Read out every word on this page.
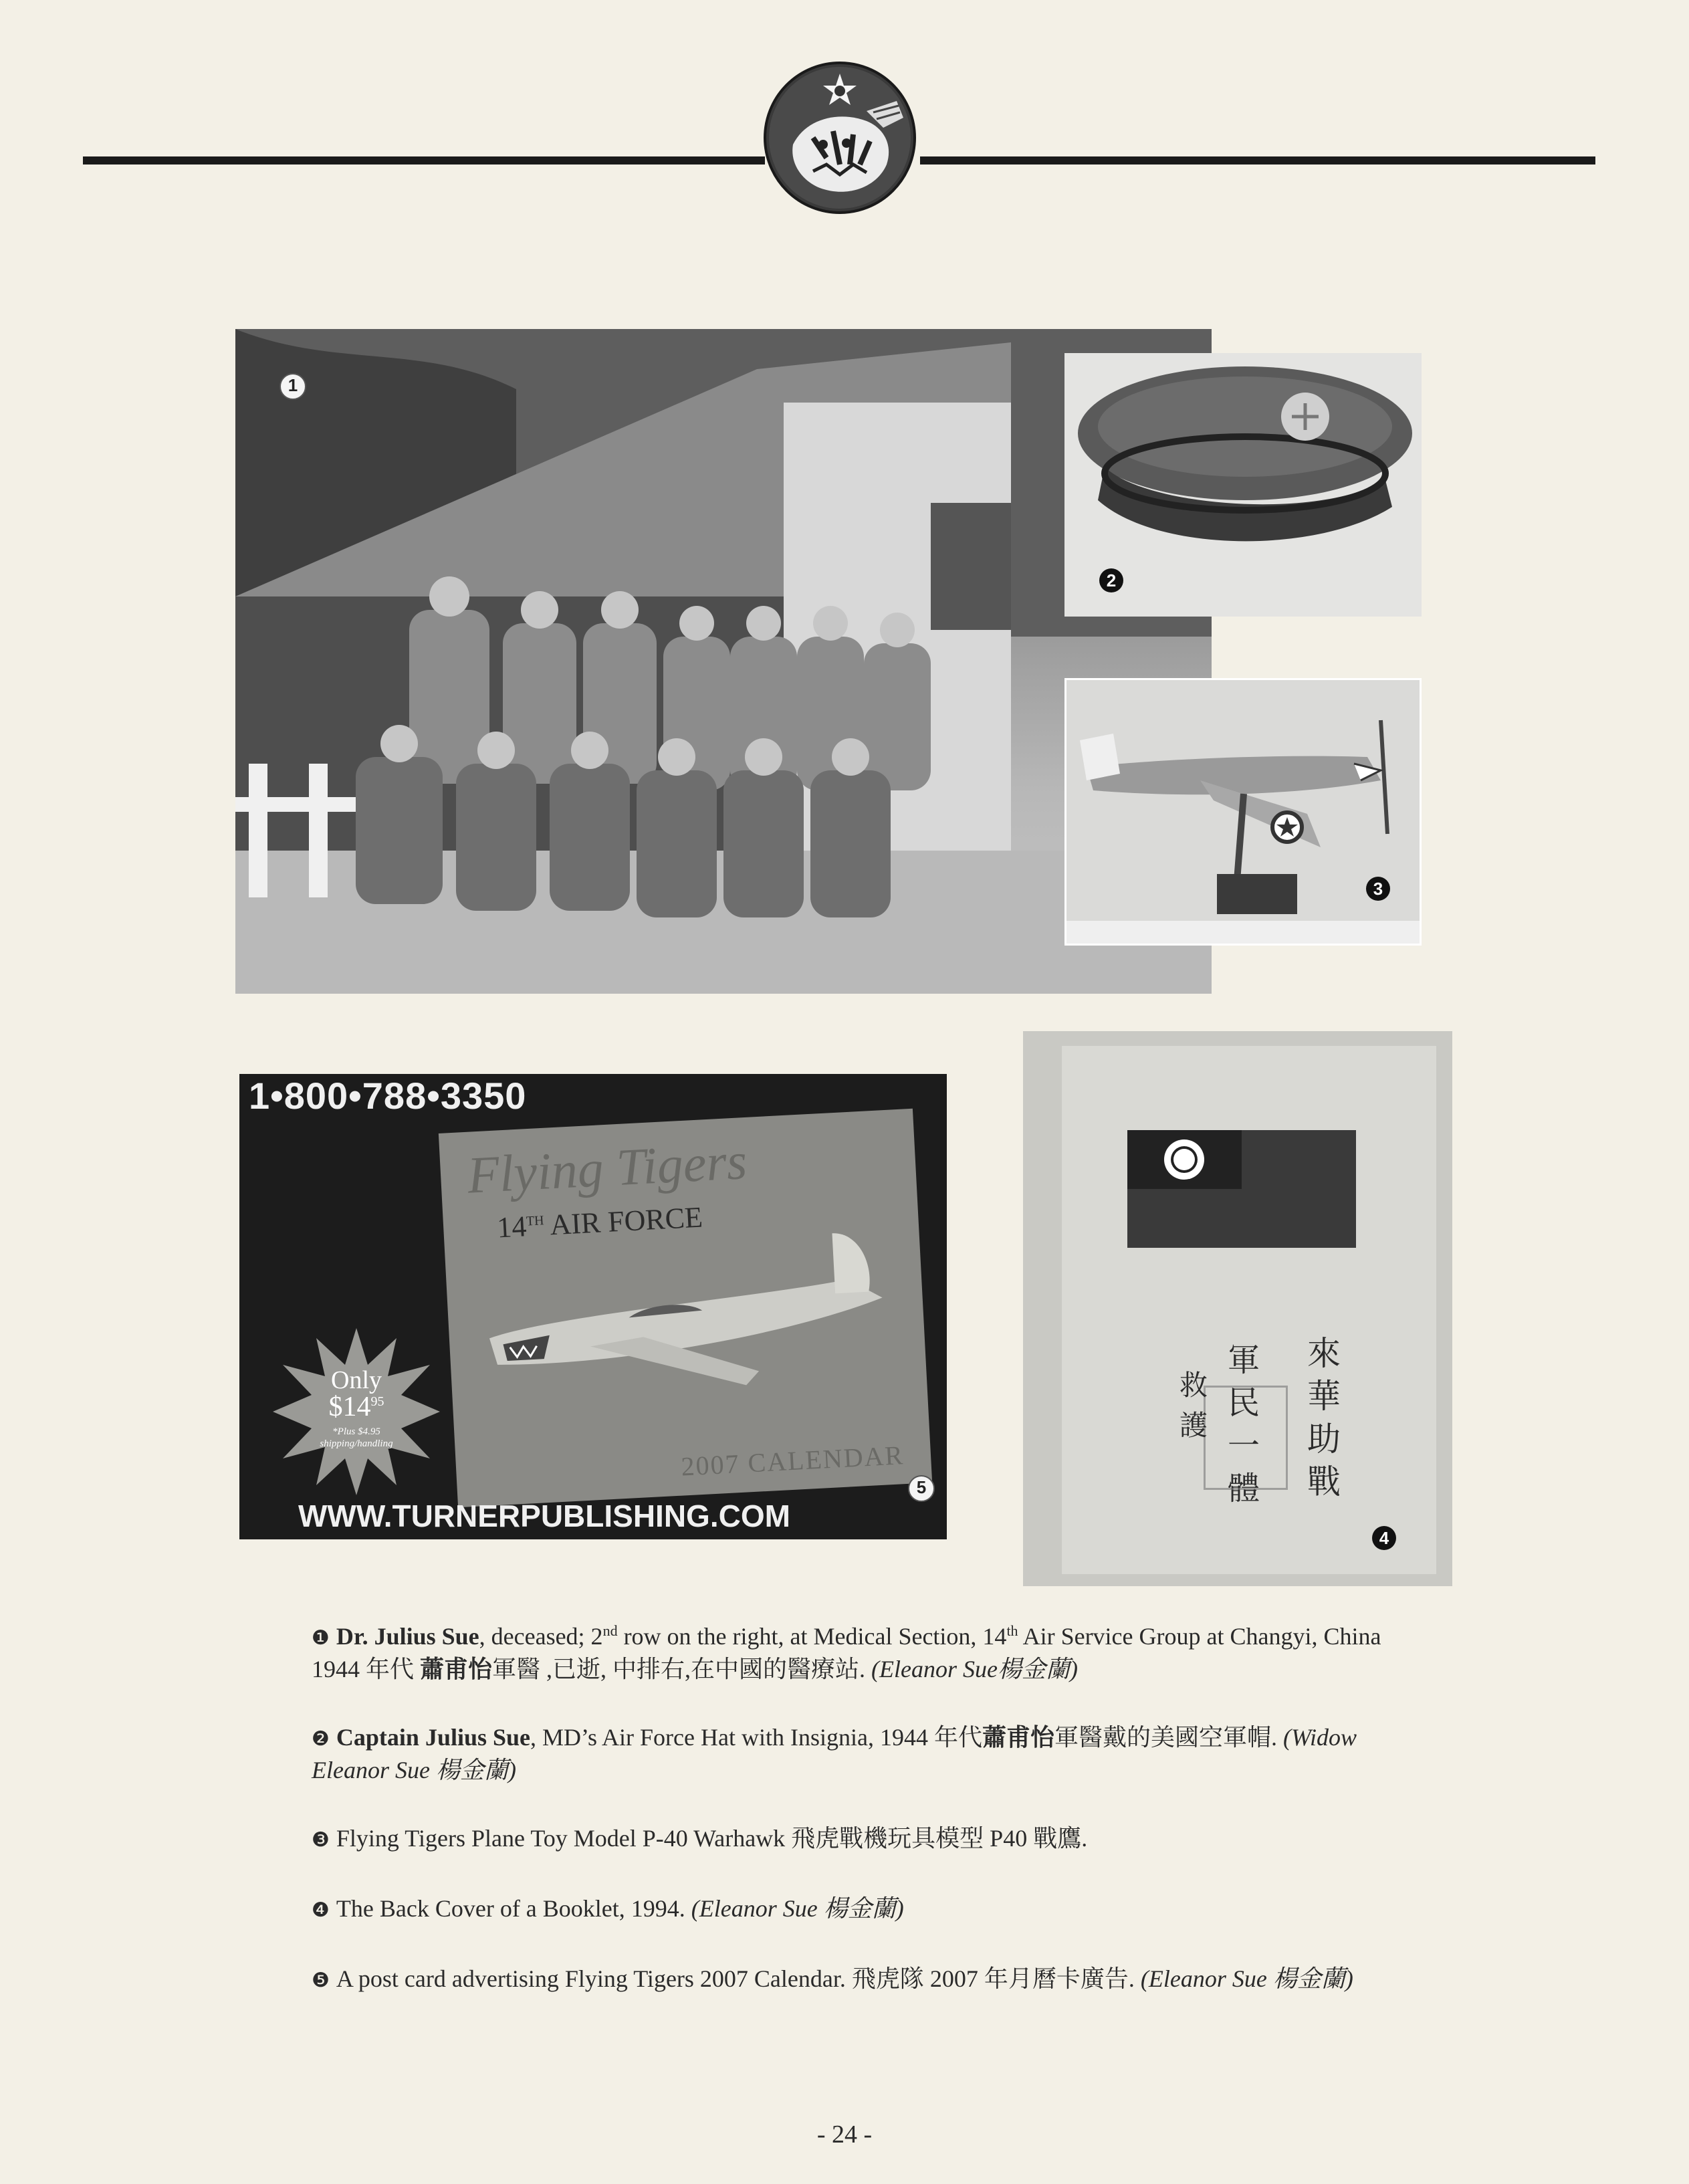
1
2
3
1•800•788•3350
Flying Tigers
14TH AIR FORCE
2007 CALENDAR
Only
$\$14^{95}$
*Plus $4.95 shipping/handling
5
WWW.TURNERPUBLISHING.COM
來
華
助
戰
軍
民
一
體
救
護
4

❶ Dr. Julius Sue, deceased; 2nd row on the right, at Medical Section, 14th Air Service Group at Changyi, China 1944 年代 蕭甫怡軍醫 ,已逝, 中排右,在中國的醫療站. (Eleanor Sue楊金蘭)

❷ Captain Julius Sue, MD’s Air Force Hat with Insignia, 1944 年代蕭甫怡軍醫戴的美國空軍帽. (Widow Eleanor Sue 楊金蘭)

❸ Flying Tigers Plane Toy Model P-40 Warhawk 飛虎戰機玩具模型 P40 戰鷹.

❹ The Back Cover of a Booklet, 1994. (Eleanor Sue 楊金蘭)

❺ A post card advertising Flying Tigers 2007 Calendar. 飛虎隊 2007 年月曆卡廣告. (Eleanor Sue 楊金蘭)

- 24 -
